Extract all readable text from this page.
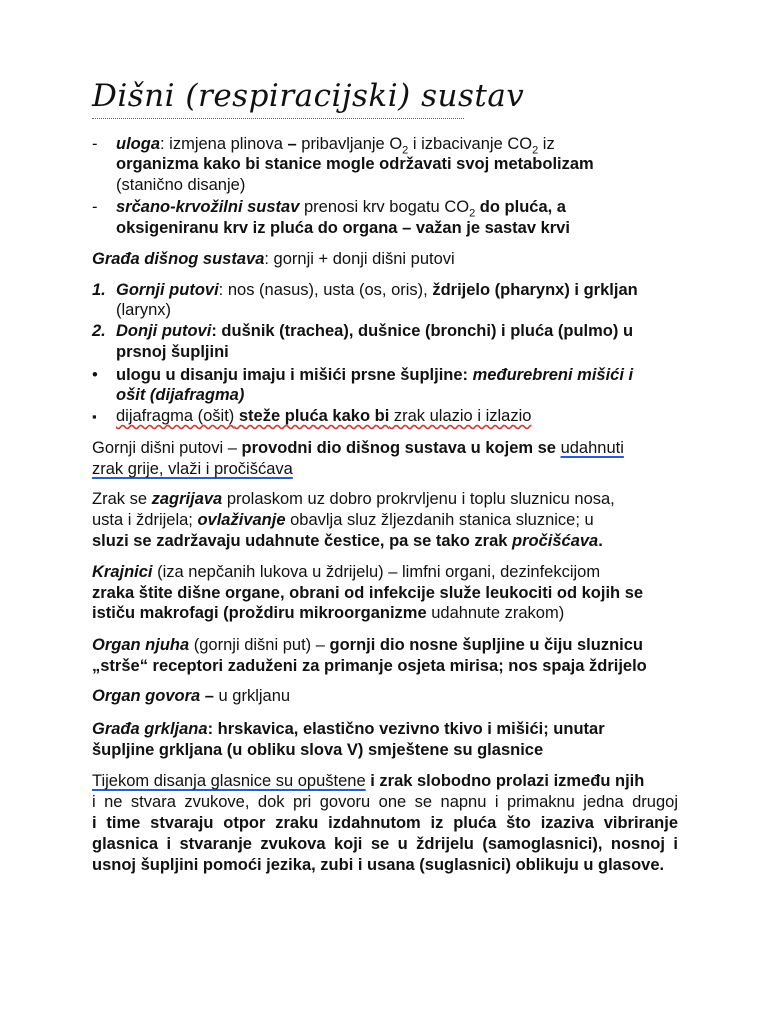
Dišni (respiracijski) sustav
- uloga: izmjena plinova – pribavljanje $O_2$ i izbacivanje $CO_2$ iz
organizma kako bi stanice mogle održavati svoj metabolizam
(stanično disanje)
- srčano-krvožilni sustav prenosi krv bogatu $CO_2$ do pluća, a
oksigeniranu krv iz pluća do organa – važan je sastav krvi
Građa dišnog sustava: gornji + donji dišni putovi
1. Gornji putovi: nos (nasus), usta (os, oris), ždrijelo (pharynx) i grkljan
(larynx)
2. Donji putovi: dušnik (trachea), dušnice (bronchi) i pluća (pulmo) u
prsnoj šupljini
• ulogu u disanju imaju i mišići prsne šupljine: međurebreni mišići i
ošit (dijafragma)
▪ dijafragma (ošit) steže pluća kako bi zrak ulazio i izlazio
Gornji dišni putovi – provodni dio dišnog sustava u kojem se udahnuti
zrak grije, vlaži i pročišćava
Zrak se zagrijava prolaskom uz dobro prokrvljenu i toplu sluznicu nosa,
usta i ždrijela; ovlaživanje obavlja sluz žljezdanih stanica sluznice; u
sluzi se zadržavaju udahnute čestice, pa se tako zrak pročišćava.
Krajnici (iza nepčanih lukova u ždrijelu) – limfni organi, dezinfekcijom
zraka štite dišne organe, obrani od infekcije služe leukociti od kojih se
ističu makrofagi (proždiru mikroorganizme udahnute zrakom)
Organ njuha (gornji dišni put) – gornji dio nosne šupljine u čiju sluznicu
„strše“ receptori zaduženi za primanje osjeta mirisa; nos spaja ždrijelo
Organ govora – u grkljanu
Građa grkljana: hrskavica, elastično vezivno tkivo i mišići; unutar
šupljine grkljana (u obliku slova V) smještene su glasnice
Tijekom disanja glasnice su opuštene i zrak slobodno prolazi između njih
i ne stvara zvukove, dok pri govoru one se napnu i primaknu jedna drugoj
i time stvaraju otpor zraku izdahnutom iz pluća što izaziva vibriranje
glasnica i stvaranje zvukova koji se u ždrijelu (samoglasnici), nosnoj i
usnoj šupljini pomoći jezika, zubi i usana (suglasnici) oblikuju u glasove.
